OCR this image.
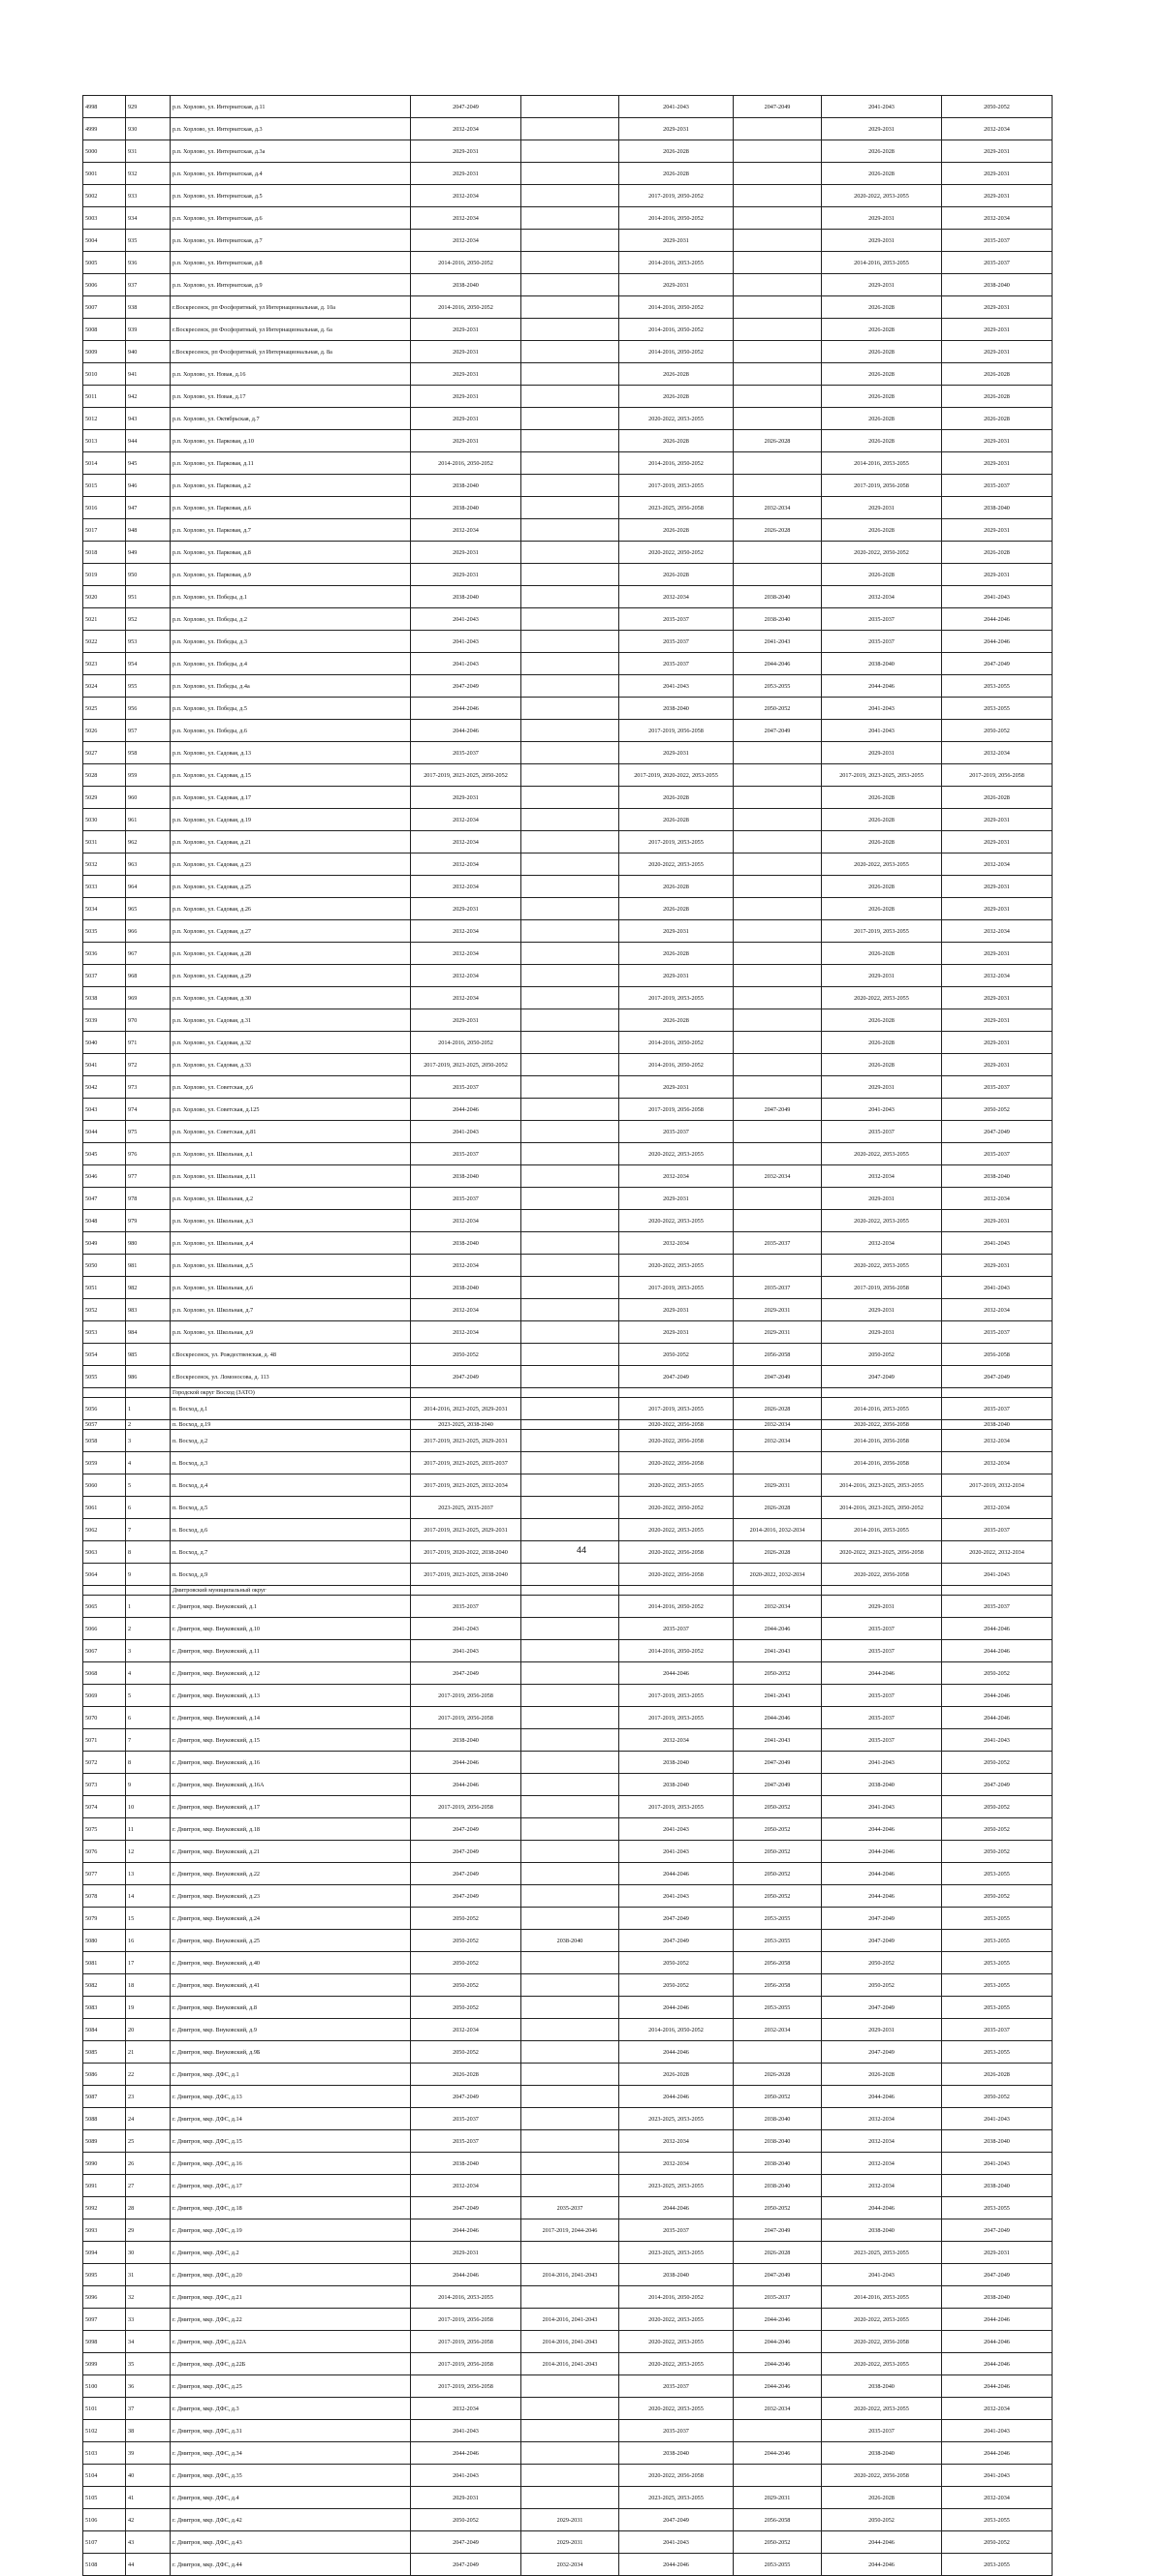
4998	929	р.п. Хорлово, ул. Интернатская, д.11	2047-2049		2041-2043	2047-2049	2041-2043	2050-2052
4999	930	р.п. Хорлово, ул. Интернатская, д.3	2032-2034		2029-2031		2029-2031	2032-2034
5000	931	р.п. Хорлово, ул. Интернатская, д.3а	2029-2031		2026-2028		2026-2028	2029-2031
5001	932	р.п. Хорлово, ул. Интернатская, д.4	2029-2031		2026-2028		2026-2028	2029-2031
5002	933	р.п. Хорлово, ул. Интернатская, д.5	2032-2034		2017-2019, 2050-2052		2020-2022, 2053-2055	2029-2031
5003	934	р.п. Хорлово, ул. Интернатская, д.6	2032-2034		2014-2016, 2050-2052		2029-2031	2032-2034
5004	935	р.п. Хорлово, ул. Интернатская, д.7	2032-2034		2029-2031		2029-2031	2035-2037
5005	936	р.п. Хорлово, ул. Интернатская, д.8	2014-2016, 2050-2052		2014-2016, 2053-2055		2014-2016, 2053-2055	2035-2037
5006	937	р.п. Хорлово, ул. Интернатская, д.9	2038-2040		2029-2031		2029-2031	2038-2040
5007	938	г.Воскресенск, рп Фосфоритный, ул Интернациональная, д. 10а	2014-2016, 2050-2052		2014-2016, 2050-2052		2026-2028	2029-2031
5008	939	г.Воскресенск, рп Фосфоритный, ул Интернациональная, д. 6а	2029-2031		2014-2016, 2050-2052		2026-2028	2029-2031
5009	940	г.Воскресенск, рп Фосфоритный, ул Интернациональная, д. 8а	2029-2031		2014-2016, 2050-2052		2026-2028	2029-2031
5010	941	р.п. Хорлово, ул. Новая, д.16	2029-2031		2026-2028		2026-2028	2026-2028
5011	942	р.п. Хорлово, ул. Новая, д.17	2029-2031		2026-2028		2026-2028	2026-2028
5012	943	р.п. Хорлово, ул. Октябрьская, д.7	2029-2031		2020-2022, 2053-2055		2026-2028	2026-2028
5013	944	р.п. Хорлово, ул. Парковая, д.10	2029-2031		2026-2028	2026-2028	2026-2028	2029-2031
5014	945	р.п. Хорлово, ул. Парковая, д.11	2014-2016, 2050-2052		2014-2016, 2050-2052		2014-2016, 2053-2055	2029-2031
5015	946	р.п. Хорлово, ул. Парковая, д.2	2038-2040		2017-2019, 2053-2055		2017-2019, 2056-2058	2035-2037
5016	947	р.п. Хорлово, ул. Парковая, д.6	2038-2040		2023-2025, 2056-2058	2032-2034	2029-2031	2038-2040
5017	948	р.п. Хорлово, ул. Парковая, д.7	2032-2034		2026-2028	2026-2028	2026-2028	2029-2031
5018	949	р.п. Хорлово, ул. Парковая, д.8	2029-2031		2020-2022, 2050-2052		2020-2022, 2050-2052	2026-2028
5019	950	р.п. Хорлово, ул. Парковая, д.9	2029-2031		2026-2028		2026-2028	2029-2031
5020	951	р.п. Хорлово, ул. Победы, д.1	2038-2040		2032-2034	2038-2040	2032-2034	2041-2043
5021	952	р.п. Хорлово, ул. Победы, д.2	2041-2043		2035-2037	2038-2040	2035-2037	2044-2046
5022	953	р.п. Хорлово, ул. Победы, д.3	2041-2043		2035-2037	2041-2043	2035-2037	2044-2046
5023	954	р.п. Хорлово, ул. Победы, д.4	2041-2043		2035-2037	2044-2046	2038-2040	2047-2049
5024	955	р.п. Хорлово, ул. Победы, д.4а	2047-2049		2041-2043	2053-2055	2044-2046	2053-2055
5025	956	р.п. Хорлово, ул. Победы, д.5	2044-2046		2038-2040	2050-2052	2041-2043	2053-2055
5026	957	р.п. Хорлово, ул. Победы, д.6	2044-2046		2017-2019, 2056-2058	2047-2049	2041-2043	2050-2052
5027	958	р.п. Хорлово, ул. Садовая, д.13	2035-2037		2029-2031		2029-2031	2032-2034
5028	959	р.п. Хорлово, ул. Садовая, д.15	2017-2019, 2023-2025, 2050-2052		2017-2019, 2020-2022, 2053-2055		2017-2019, 2023-2025, 2053-2055	2017-2019, 2056-2058
5029	960	р.п. Хорлово, ул. Садовая, д.17	2029-2031		2026-2028		2026-2028	2026-2028
5030	961	р.п. Хорлово, ул. Садовая, д.19	2032-2034		2026-2028		2026-2028	2029-2031
5031	962	р.п. Хорлово, ул. Садовая, д.21	2032-2034		2017-2019, 2053-2055		2026-2028	2029-2031
5032	963	р.п. Хорлово, ул. Садовая, д.23	2032-2034		2020-2022, 2053-2055		2020-2022, 2053-2055	2032-2034
5033	964	р.п. Хорлово, ул. Садовая, д.25	2032-2034		2026-2028		2026-2028	2029-2031
5034	965	р.п. Хорлово, ул. Садовая, д.26	2029-2031		2026-2028		2026-2028	2029-2031
5035	966	р.п. Хорлово, ул. Садовая, д.27	2032-2034		2029-2031		2017-2019, 2053-2055	2032-2034
5036	967	р.п. Хорлово, ул. Садовая, д.28	2032-2034		2026-2028		2026-2028	2029-2031
5037	968	р.п. Хорлово, ул. Садовая, д.29	2032-2034		2029-2031		2029-2031	2032-2034
5038	969	р.п. Хорлово, ул. Садовая, д.30	2032-2034		2017-2019, 2053-2055		2020-2022, 2053-2055	2029-2031
5039	970	р.п. Хорлово, ул. Садовая, д.31	2029-2031		2026-2028		2026-2028	2029-2031
5040	971	р.п. Хорлово, ул. Садовая, д.32	2014-2016, 2050-2052		2014-2016, 2050-2052		2026-2028	2029-2031
5041	972	р.п. Хорлово, ул. Садовая, д.33	2017-2019, 2023-2025, 2050-2052		2014-2016, 2050-2052		2026-2028	2029-2031
5042	973	р.п. Хорлово, ул. Советская, д.6	2035-2037		2029-2031		2029-2031	2035-2037
5043	974	р.п. Хорлово, ул. Советская, д.125	2044-2046		2017-2019, 2056-2058	2047-2049	2041-2043	2050-2052
5044	975	р.п. Хорлово, ул. Советская, д.81	2041-2043		2035-2037		2035-2037	2047-2049
5045	976	р.п. Хорлово, ул. Школьная, д.1	2035-2037		2020-2022, 2053-2055		2020-2022, 2053-2055	2035-2037
5046	977	р.п. Хорлово, ул. Школьная, д.11	2038-2040		2032-2034	2032-2034	2032-2034	2038-2040
5047	978	р.п. Хорлово, ул. Школьная, д.2	2035-2037		2029-2031		2029-2031	2032-2034
5048	979	р.п. Хорлово, ул. Школьная, д.3	2032-2034		2020-2022, 2053-2055		2020-2022, 2053-2055	2029-2031
5049	980	р.п. Хорлово, ул. Школьная, д.4	2038-2040		2032-2034	2035-2037	2032-2034	2041-2043
5050	981	р.п. Хорлово, ул. Школьная, д.5	2032-2034		2020-2022, 2053-2055		2020-2022, 2053-2055	2029-2031
5051	982	р.п. Хорлово, ул. Школьная, д.6	2038-2040		2017-2019, 2053-2055	2035-2037	2017-2019, 2056-2058	2041-2043
5052	983	р.п. Хорлово, ул. Школьная, д.7	2032-2034		2029-2031	2029-2031	2029-2031	2032-2034
5053	984	р.п. Хорлово, ул. Школьная, д.9	2032-2034		2029-2031	2029-2031	2029-2031	2035-2037
5054	985	г.Воскресенск, ул. Рождественская, д. 48	2050-2052		2050-2052	2056-2058	2050-2052	2056-2058
5055	986	г.Воскресенск, ул. Ломоносова, д. 113	2047-2049		2047-2049	2047-2049	2047-2049	2047-2049
		Городской округ Восход (ЗАТО)						
5056	1	п. Восход, д.1	2014-2016, 2023-2025, 2029-2031		2017-2019, 2053-2055	2026-2028	2014-2016, 2053-2055	2035-2037
5057	2	п. Восход, д.19	2023-2025, 2038-2040		2020-2022, 2056-2058	2032-2034	2020-2022, 2056-2058	2038-2040
5058	3	п. Восход, д.2	2017-2019, 2023-2025, 2029-2031		2020-2022, 2056-2058	2032-2034	2014-2016, 2056-2058	2032-2034
5059	4	п. Восход, д.3	2017-2019, 2023-2025, 2035-2037		2020-2022, 2056-2058		2014-2016, 2056-2058	2032-2034
5060	5	п. Восход, д.4	2017-2019, 2023-2025, 2032-2034		2020-2022, 2053-2055	2029-2031	2014-2016, 2023-2025, 2053-2055	2017-2019, 2032-2034
5061	6	п. Восход, д.5	2023-2025, 2035-2037		2020-2022, 2050-2052	2026-2028	2014-2016, 2023-2025, 2050-2052	2032-2034
5062	7	п. Восход, д.6	2017-2019, 2023-2025, 2029-2031		2020-2022, 2053-2055	2014-2016, 2032-2034	2014-2016, 2053-2055	2035-2037
5063	8	п. Восход, д.7	2017-2019, 2020-2022, 2038-2040		2020-2022, 2056-2058	2026-2028	2020-2022, 2023-2025, 2056-2058	2020-2022, 2032-2034
5064	9	п. Восход, д.9	2017-2019, 2023-2025, 2038-2040		2020-2022, 2056-2058	2020-2022, 2032-2034	2020-2022, 2056-2058	2041-2043
		Дмитровский муниципальный округ						
5065	1	г. Дмитров, мкр. Внуковский, д.1	2035-2037		2014-2016, 2050-2052	2032-2034	2029-2031	2035-2037
5066	2	г. Дмитров, мкр. Внуковский, д.10	2041-2043		2035-2037	2044-2046	2035-2037	2044-2046
5067	3	г. Дмитров, мкр. Внуковский, д.11	2041-2043		2014-2016, 2050-2052	2041-2043	2035-2037	2044-2046
5068	4	г. Дмитров, мкр. Внуковский, д.12	2047-2049		2044-2046	2050-2052	2044-2046	2050-2052
5069	5	г. Дмитров, мкр. Внуковский, д.13	2017-2019, 2056-2058		2017-2019, 2053-2055	2041-2043	2035-2037	2044-2046
5070	6	г. Дмитров, мкр. Внуковский, д.14	2017-2019, 2056-2058		2017-2019, 2053-2055	2044-2046	2035-2037	2044-2046
5071	7	г. Дмитров, мкр. Внуковский, д.15	2038-2040		2032-2034	2041-2043	2035-2037	2041-2043
5072	8	г. Дмитров, мкр. Внуковский, д.16	2044-2046		2038-2040	2047-2049	2041-2043	2050-2052
5073	9	г. Дмитров, мкр. Внуковский, д.16А	2044-2046		2038-2040	2047-2049	2038-2040	2047-2049
5074	10	г. Дмитров, мкр. Внуковский, д.17	2017-2019, 2056-2058		2017-2019, 2053-2055	2050-2052	2041-2043	2050-2052
5075	11	г. Дмитров, мкр. Внуковский, д.18	2047-2049		2041-2043	2050-2052	2044-2046	2050-2052
5076	12	г. Дмитров, мкр. Внуковский, д.21	2047-2049		2041-2043	2050-2052	2044-2046	2050-2052
5077	13	г. Дмитров, мкр. Внуковский, д.22	2047-2049		2044-2046	2050-2052	2044-2046	2053-2055
5078	14	г. Дмитров, мкр. Внуковский, д.23	2047-2049		2041-2043	2050-2052	2044-2046	2050-2052
5079	15	г. Дмитров, мкр. Внуковский, д.24	2050-2052		2047-2049	2053-2055	2047-2049	2053-2055
5080	16	г. Дмитров, мкр. Внуковский, д.25	2050-2052	2038-2040	2047-2049	2053-2055	2047-2049	2053-2055
5081	17	г. Дмитров, мкр. Внуковский, д.40	2050-2052		2050-2052	2056-2058	2050-2052	2053-2055
5082	18	г. Дмитров, мкр. Внуковский, д.41	2050-2052		2050-2052	2056-2058	2050-2052	2053-2055
5083	19	г. Дмитров, мкр. Внуковский, д.8	2050-2052		2044-2046	2053-2055	2047-2049	2053-2055
5084	20	г. Дмитров, мкр. Внуковский, д.9	2032-2034		2014-2016, 2050-2052	2032-2034	2029-2031	2035-2037
5085	21	г. Дмитров, мкр. Внуковский, д.9Б	2050-2052		2044-2046		2047-2049	2053-2055
5086	22	г. Дмитров, мкр. ДФС, д.1	2026-2028		2026-2028	2026-2028	2026-2028	2026-2028
5087	23	г. Дмитров, мкр. ДФС, д.13	2047-2049		2044-2046	2050-2052	2044-2046	2050-2052
5088	24	г. Дмитров, мкр. ДФС, д.14	2035-2037		2023-2025, 2053-2055	2038-2040	2032-2034	2041-2043
5089	25	г. Дмитров, мкр. ДФС, д.15	2035-2037		2032-2034	2038-2040	2032-2034	2038-2040
5090	26	г. Дмитров, мкр. ДФС, д.16	2038-2040		2032-2034	2038-2040	2032-2034	2041-2043
5091	27	г. Дмитров, мкр. ДФС, д.17	2032-2034		2023-2025, 2053-2055	2038-2040	2032-2034	2038-2040
5092	28	г. Дмитров, мкр. ДФС, д.18	2047-2049	2035-2037	2044-2046	2050-2052	2044-2046	2053-2055
5093	29	г. Дмитров, мкр. ДФС, д.19	2044-2046	2017-2019, 2044-2046	2035-2037	2047-2049	2038-2040	2047-2049
5094	30	г. Дмитров, мкр. ДФС, д.2	2029-2031		2023-2025, 2053-2055	2026-2028	2023-2025, 2053-2055	2029-2031
5095	31	г. Дмитров, мкр. ДФС, д.20	2044-2046	2014-2016, 2041-2043	2038-2040	2047-2049	2041-2043	2047-2049
5096	32	г. Дмитров, мкр. ДФС, д.21	2014-2016, 2053-2055		2014-2016, 2050-2052	2035-2037	2014-2016, 2053-2055	2038-2040
5097	33	г. Дмитров, мкр. ДФС, д.22	2017-2019, 2056-2058	2014-2016, 2041-2043	2020-2022, 2053-2055	2044-2046	2020-2022, 2053-2055	2044-2046
5098	34	г. Дмитров, мкр. ДФС, д.22А	2017-2019, 2056-2058	2014-2016, 2041-2043	2020-2022, 2053-2055	2044-2046	2020-2022, 2056-2058	2044-2046
5099	35	г. Дмитров, мкр. ДФС, д.22Б	2017-2019, 2056-2058	2014-2016, 2041-2043	2020-2022, 2053-2055	2044-2046	2020-2022, 2053-2055	2044-2046
5100	36	г. Дмитров, мкр. ДФС, д.25	2017-2019, 2056-2058		2035-2037	2044-2046	2038-2040	2044-2046
5101	37	г. Дмитров, мкр. ДФС, д.3	2032-2034		2020-2022, 2053-2055	2032-2034	2020-2022, 2053-2055	2032-2034
5102	38	г. Дмитров, мкр. ДФС, д.31	2041-2043		2035-2037		2035-2037	2041-2043
5103	39	г. Дмитров, мкр. ДФС, д.34	2044-2046		2038-2040	2044-2046	2038-2040	2044-2046
5104	40	г. Дмитров, мкр. ДФС, д.35	2041-2043		2020-2022, 2056-2058		2020-2022, 2056-2058	2041-2043
5105	41	г. Дмитров, мкр. ДФС, д.4	2029-2031		2023-2025, 2053-2055	2029-2031	2026-2028	2032-2034
5106	42	г. Дмитров, мкр. ДФС, д.42	2050-2052	2029-2031	2047-2049	2056-2058	2050-2052	2053-2055
5107	43	г. Дмитров, мкр. ДФС, д.43	2047-2049	2029-2031	2041-2043	2050-2052	2044-2046	2050-2052
5108	44	г. Дмитров, мкр. ДФС, д.44	2047-2049	2032-2034	2044-2046	2053-2055	2044-2046	2053-2055
44
